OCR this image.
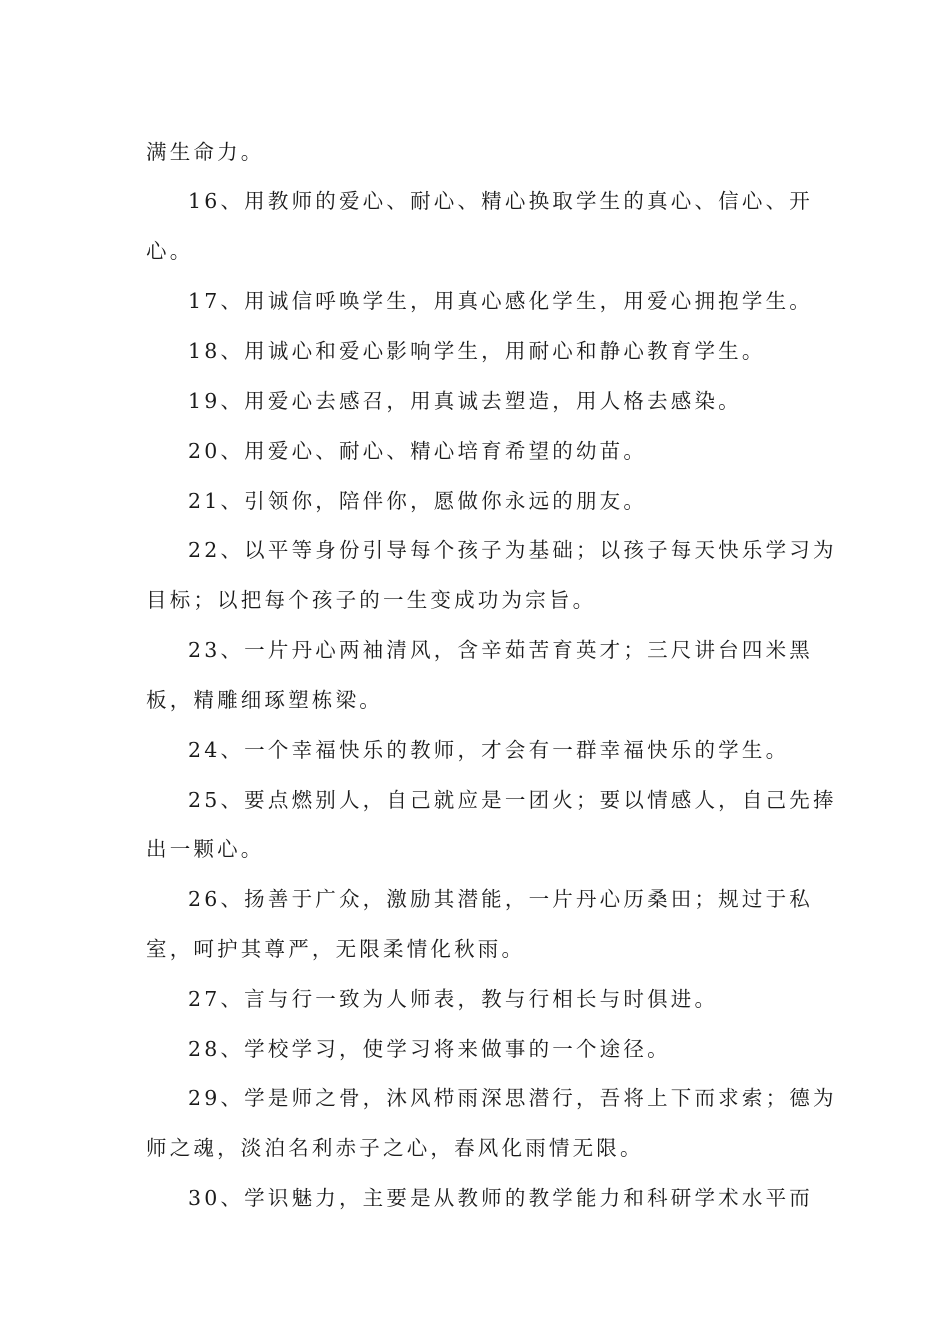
满生命力。
16、用教师的爱心、耐心、精心换取学生的真心、信心、开
心。
17、用诚信呼唤学生，用真心感化学生，用爱心拥抱学生。
18、用诚心和爱心影响学生，用耐心和静心教育学生。
19、用爱心去感召，用真诚去塑造，用人格去感染。
20、用爱心、耐心、精心培育希望的幼苗。
21、引领你，陪伴你，愿做你永远的朋友。
22、以平等身份引导每个孩子为基础；以孩子每天快乐学习为
目标；以把每个孩子的一生变成功为宗旨。
23、一片丹心两袖清风，含辛茹苦育英才；三尺讲台四米黑
板，精雕细琢塑栋梁。
24、一个幸福快乐的教师，才会有一群幸福快乐的学生。
25、要点燃别人，自己就应是一团火；要以情感人，自己先捧
出一颗心。
26、扬善于广众，激励其潜能，一片丹心历桑田；规过于私
室，呵护其尊严，无限柔情化秋雨。
27、言与行一致为人师表，教与行相长与时俱进。
28、学校学习，使学习将来做事的一个途径。
29、学是师之骨，沐风栉雨深思潜行，吾将上下而求索；德为
师之魂，淡泊名利赤子之心，春风化雨情无限。
30、学识魅力，主要是从教师的教学能力和科研学术水平而
